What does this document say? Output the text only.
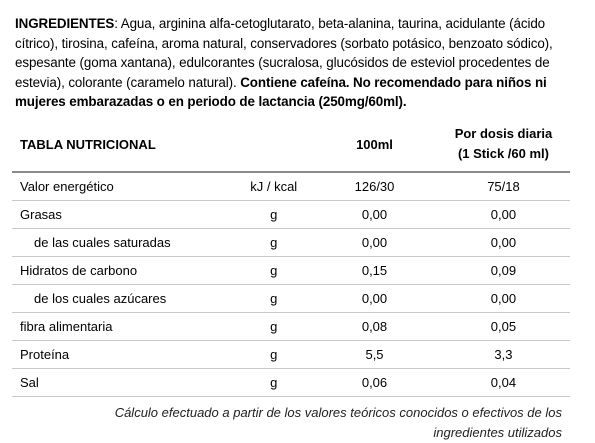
INGREDIENTES: Agua, arginina alfa-cetoglutarato, beta-alanina, taurina, acidulante (ácido cítrico), tirosina, cafeína, aroma natural, conservadores (sorbato potásico, benzoato sódico), espesante (goma xantana), edulcorantes (sucralosa, glucósidos de esteviol procedentes de estevia), colorante (caramelo natural). Contiene cafeína. No recomendado para niños ni mujeres embarazadas o en periodo de lactancia (250mg/60ml).
TABLA NUTRICIONAL		100ml	Por dosis diaria
(1 Stick /60 ml)

Valor energético	kJ / kcal	126/30	75/18
Grasas	g	0,00	0,00
de las cuales saturadas	g	0,00	0,00
Hidratos de carbono	g	0,15	0,09
de los cuales azúcares	g	0,00	0,00
fibra alimentaria	g	0,08	0,05
Proteína	g	5,5	3,3
Sal	g	0,06	0,04
Cálculo efectuado a partir de los valores teóricos conocidos o efectivos de los ingredientes utilizados
